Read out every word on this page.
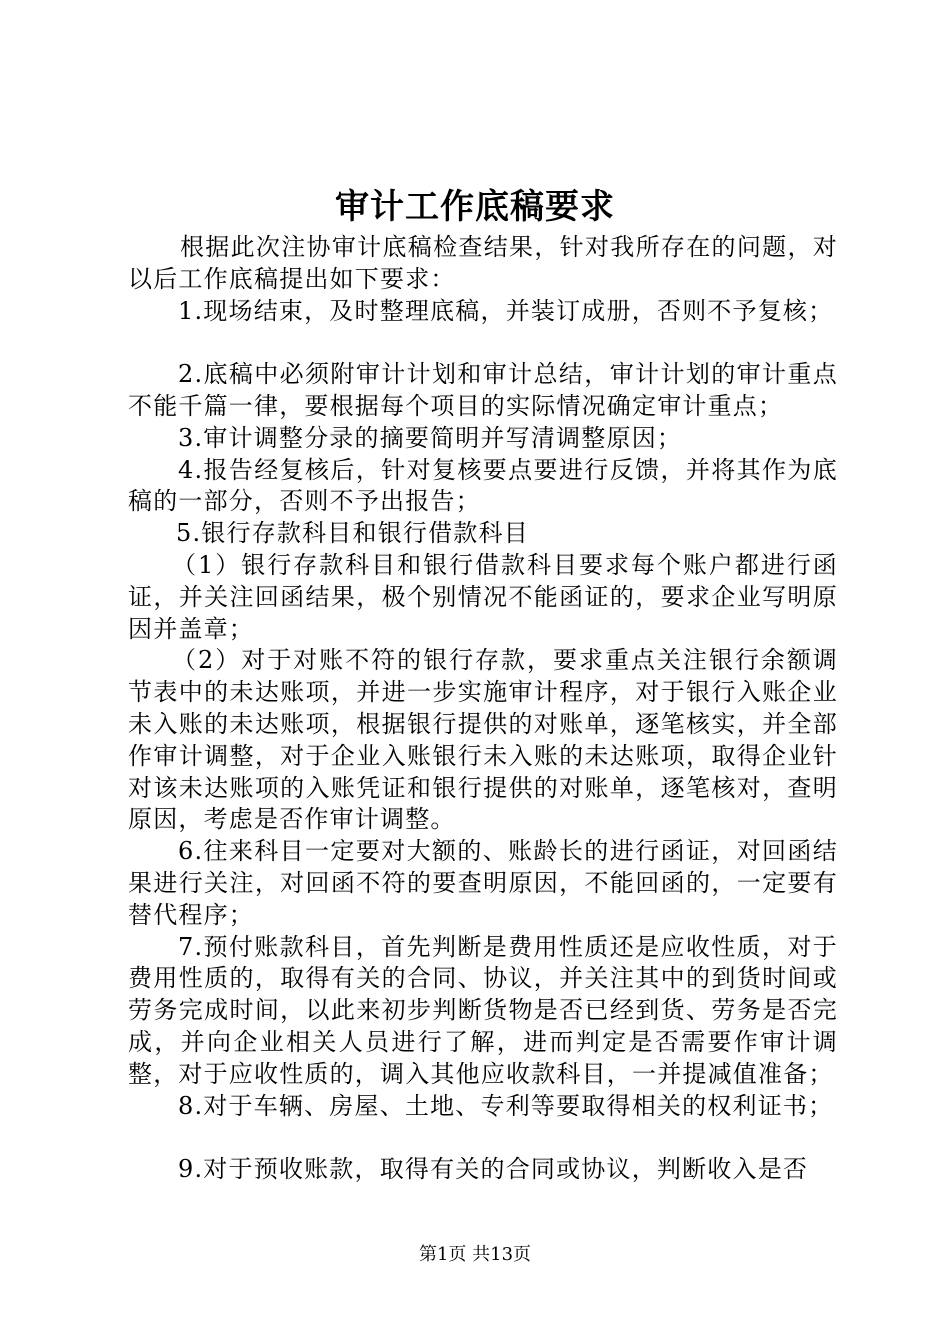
审计工作底稿要求

根据此次注协审计底稿检查结果，针对我所存在的问题，对以后工作底稿提出如下要求：

1.现场结束，及时整理底稿，并装订成册，否则不予复核；

2.底稿中必须附审计计划和审计总结，审计计划的审计重点不能千篇一律，要根据每个项目的实际情况确定审计重点；

3.审计调整分录的摘要简明并写清调整原因；

4.报告经复核后，针对复核要点要进行反馈，并将其作为底稿的一部分，否则不予出报告；

5.银行存款科目和银行借款科目

（1）银行存款科目和银行借款科目要求每个账户都进行函证，并关注回函结果，极个别情况不能函证的，要求企业写明原因并盖章；

（2）对于对账不符的银行存款，要求重点关注银行余额调节表中的未达账项，并进一步实施审计程序，对于银行入账企业未入账的未达账项，根据银行提供的对账单，逐笔核实，并全部作审计调整，对于企业入账银行未入账的未达账项，取得企业针对该未达账项的入账凭证和银行提供的对账单，逐笔核对，查明原因，考虑是否作审计调整。

6.往来科目一定要对大额的、账龄长的进行函证，对回函结果进行关注，对回函不符的要查明原因，不能回函的，一定要有替代程序；

7.预付账款科目，首先判断是费用性质还是应收性质，对于费用性质的，取得有关的合同、协议，并关注其中的到货时间或劳务完成时间，以此来初步判断货物是否已经到货、劳务是否完成，并向企业相关人员进行了解，进而判定是否需要作审计调整，对于应收性质的，调入其他应收款科目，一并提减值准备；

8.对于车辆、房屋、土地、专利等要取得相关的权利证书；

9.对于预收账款，取得有关的合同或协议，判断收入是否

第1页 共13页
